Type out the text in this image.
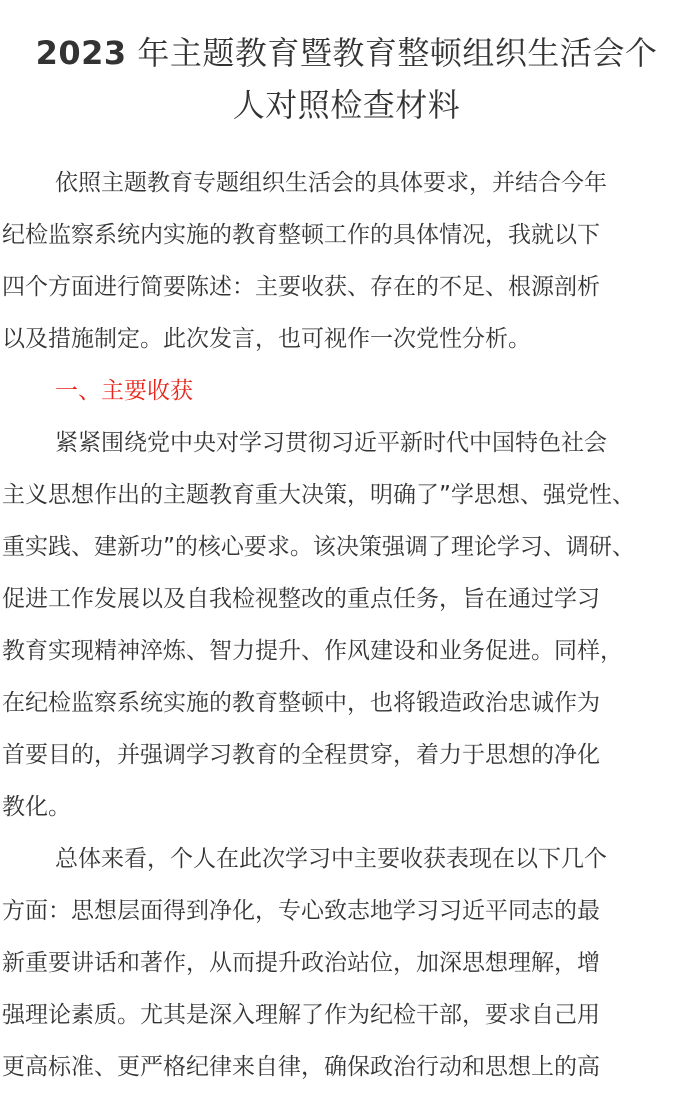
2023 年主题教育暨教育整顿组织生活会个
人对照检查材料
依照主题教育专题组织生活会的具体要求，并结合今年
纪检监察系统内实施的教育整顿工作的具体情况，我就以下
四个方面进行简要陈述：主要收获、存在的不足、根源剖析
以及措施制定。此次发言，也可视作一次党性分析。
一、主要收获
紧紧围绕党中央对学习贯彻习近平新时代中国特色社会
主义思想作出的主题教育重大决策，明确了”学思想、强党性、
重实践、建新功”的核心要求。该决策强调了理论学习、调研、
促进工作发展以及自我检视整改的重点任务，旨在通过学习
教育实现精神淬炼、智力提升、作风建设和业务促进。同样，
在纪检监察系统实施的教育整顿中，也将锻造政治忠诚作为
首要目的，并强调学习教育的全程贯穿，着力于思想的净化
教化。
总体来看，个人在此次学习中主要收获表现在以下几个
方面：思想层面得到净化，专心致志地学习习近平同志的最
新重要讲话和著作，从而提升政治站位，加深思想理解，增
强理论素质。尤其是深入理解了作为纪检干部，要求自己用
更高标准、更严格纪律来自律，确保政治行动和思想上的高
